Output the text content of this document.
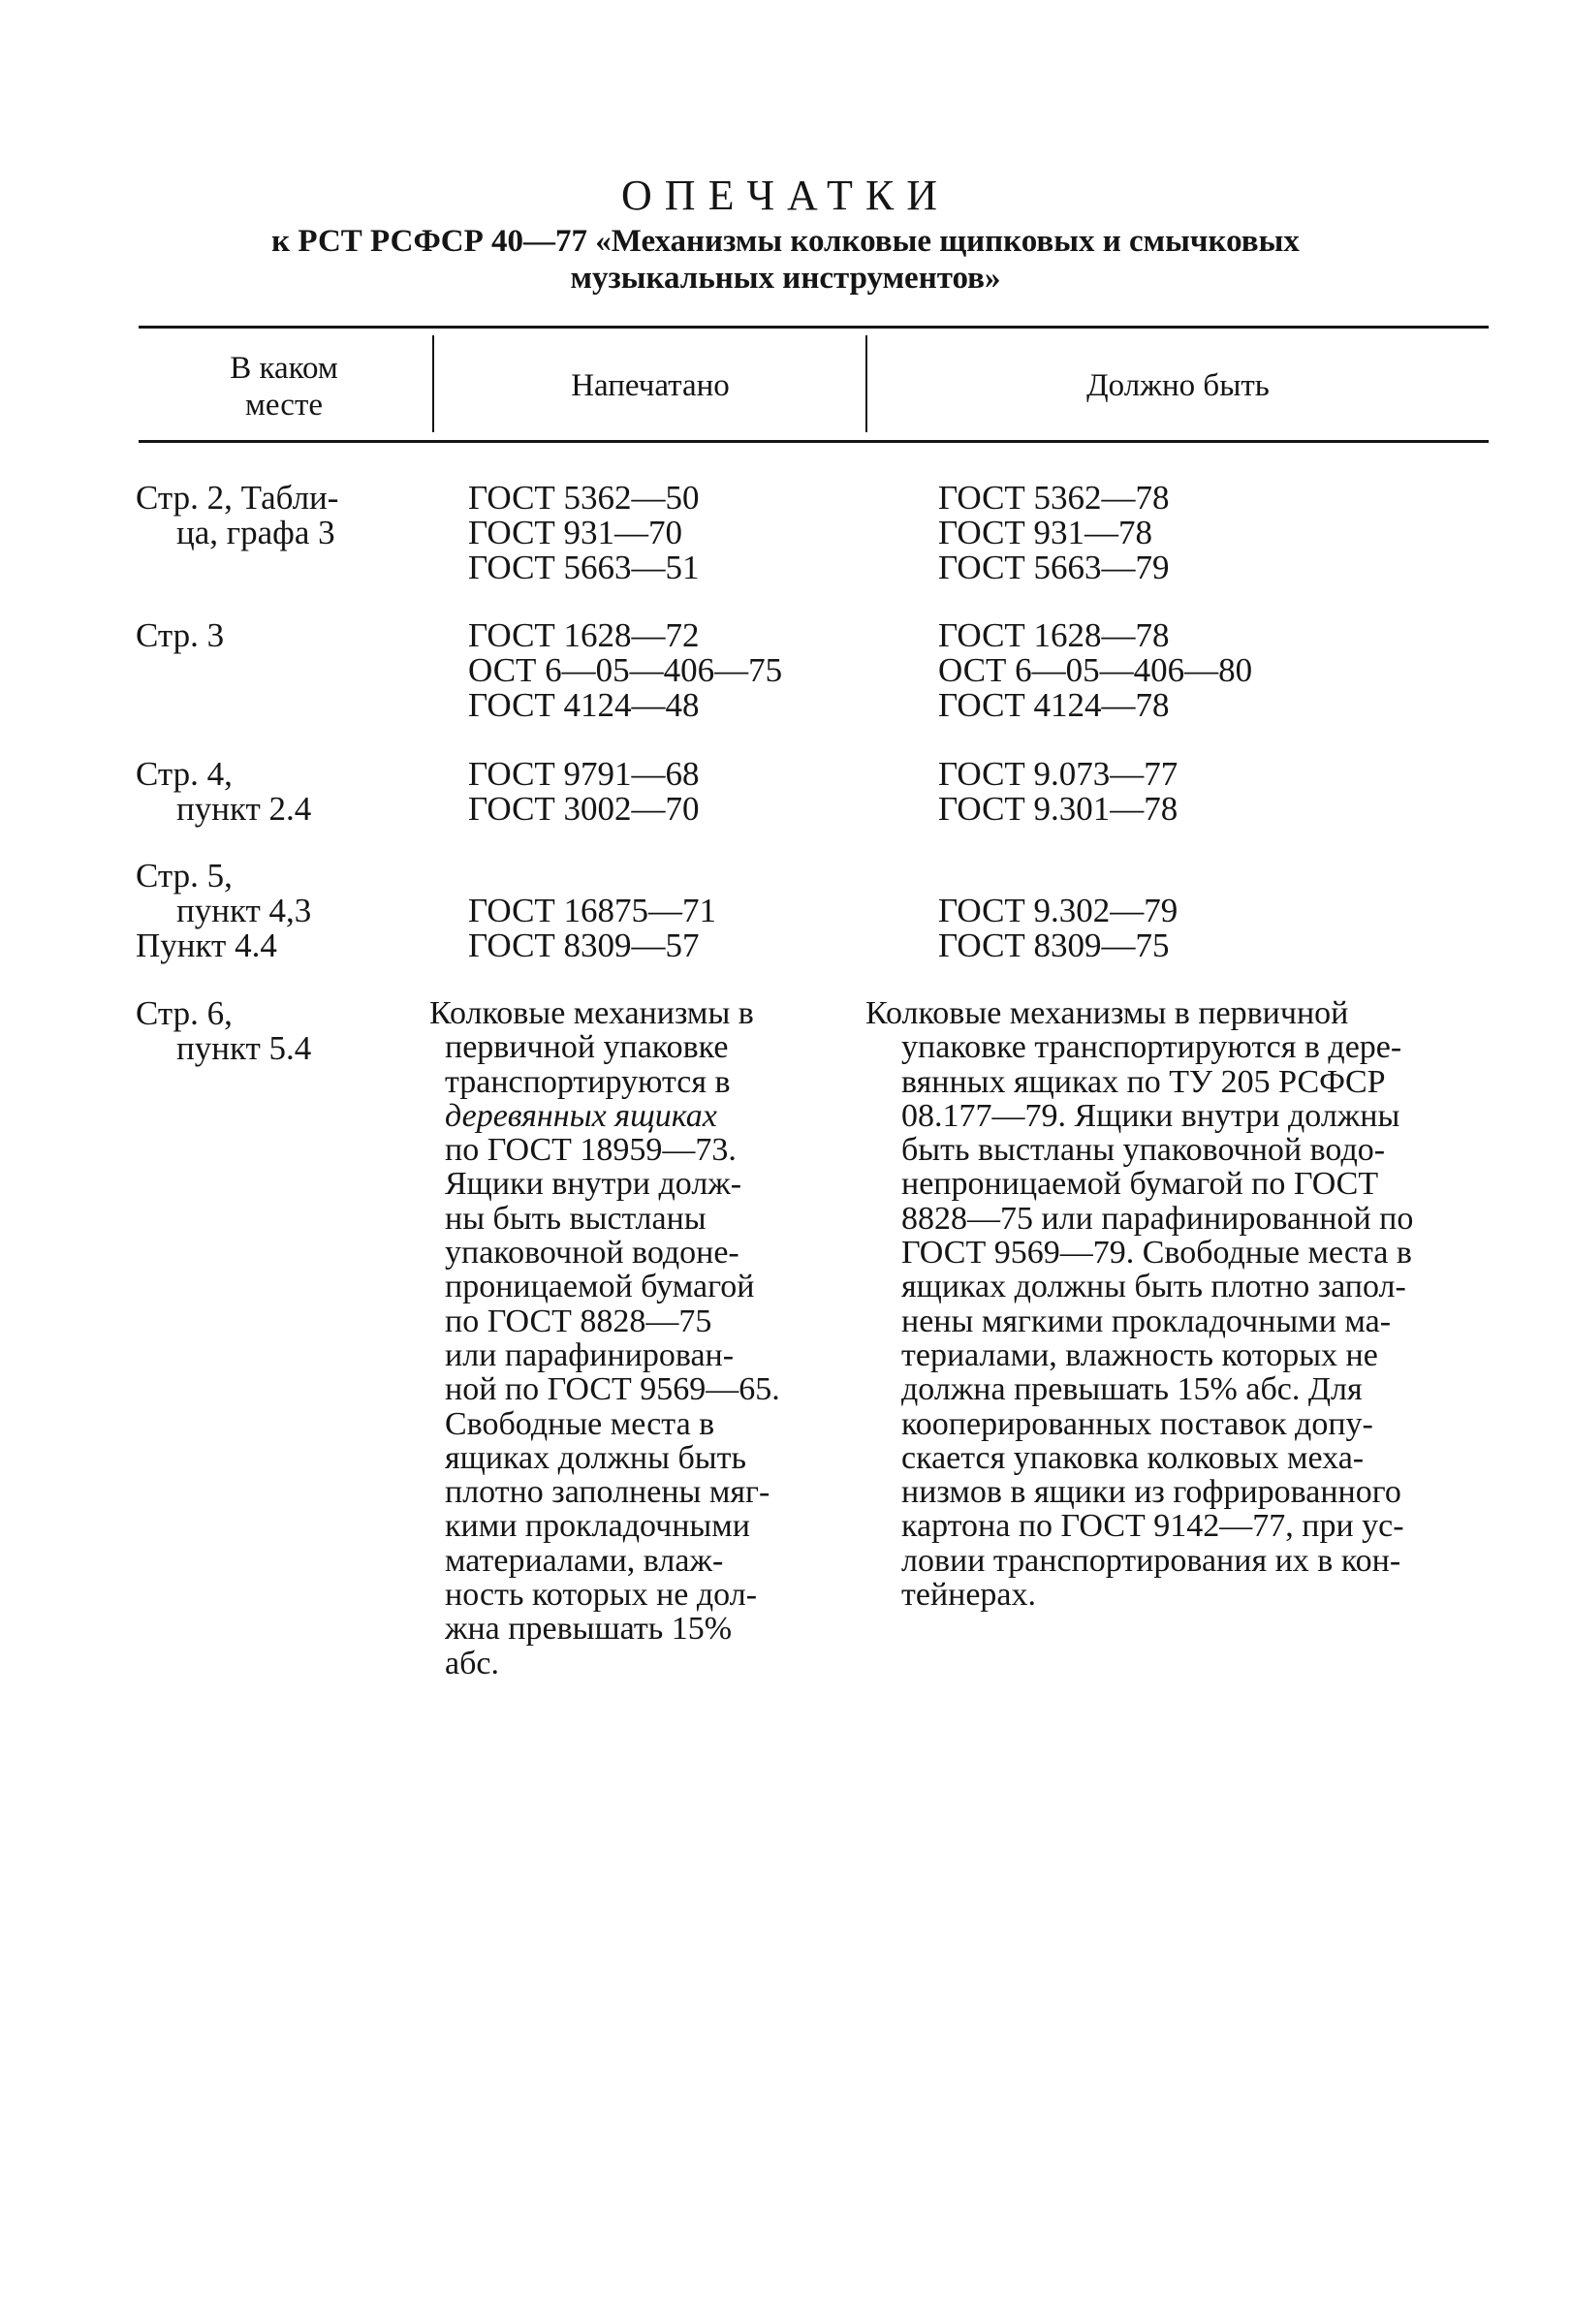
ОПЕЧАТКИ
к РСТ РСФСР 40—77 «Механизмы колковые щипковых и смычковых
музыкальных инструментов»
В каком
месте
Напечатано	Должно быть
Стр. 2, Табли-
ца, графа 3
ГОСТ 5362—50
ГОСТ 931—70
ГОСТ 5663—51
ГОСТ 5362—78
ГОСТ 931—78
ГОСТ 5663—79
Стр. 3	ГОСТ 1628—72
ОСТ 6—05—406—75
ГОСТ 4124—48
ГОСТ 1628—78
ОСТ 6—05—406—80
ГОСТ 4124—78
Стр. 4,
пункт 2.4
ГОСТ 9791—68
ГОСТ 3002—70
ГОСТ 9.073—77
ГОСТ 9.301—78
Стр. 5,
пункт 4,3
Пункт 4.4
ГОСТ 16875—71
ГОСТ 8309—57
ГОСТ 9.302—79
ГОСТ 8309—75
Стр. 6,
пункт 5.4
Колковые механизмы в
первичной упаковке
транспортируются в
деревянных ящиках
по ГОСТ 18959—73.
Ящики внутри долж-
ны быть выстланы
упаковочной водоне-
проницаемой бумагой
по ГОСТ 8828—75
или парафинирован-
ной по ГОСТ 9569—65.
Свободные места в
ящиках должны быть
плотно заполнены мяг-
кими прокладочными
материалами, влаж-
ность которых не дол-
жна превышать 15%
абс.
Колковые механизмы в первичной
упаковке транспортируются в дере-
вянных ящиках по ТУ 205 РСФСР
08.177—79. Ящики внутри должны
быть выстланы упаковочной водо-
непроницаемой бумагой по ГОСТ
8828—75 или парафинированной по
ГОСТ 9569—79. Свободные места в
ящиках должны быть плотно запол-
нены мягкими прокладочными ма-
териалами, влажность которых не
должна превышать 15% абс. Для
кооперированных поставок допу-
скается упаковка колковых меха-
низмов в ящики из гофрированного
картона по ГОСТ 9142—77, при ус-
ловии транспортирования их в кон-
тейнерах.
